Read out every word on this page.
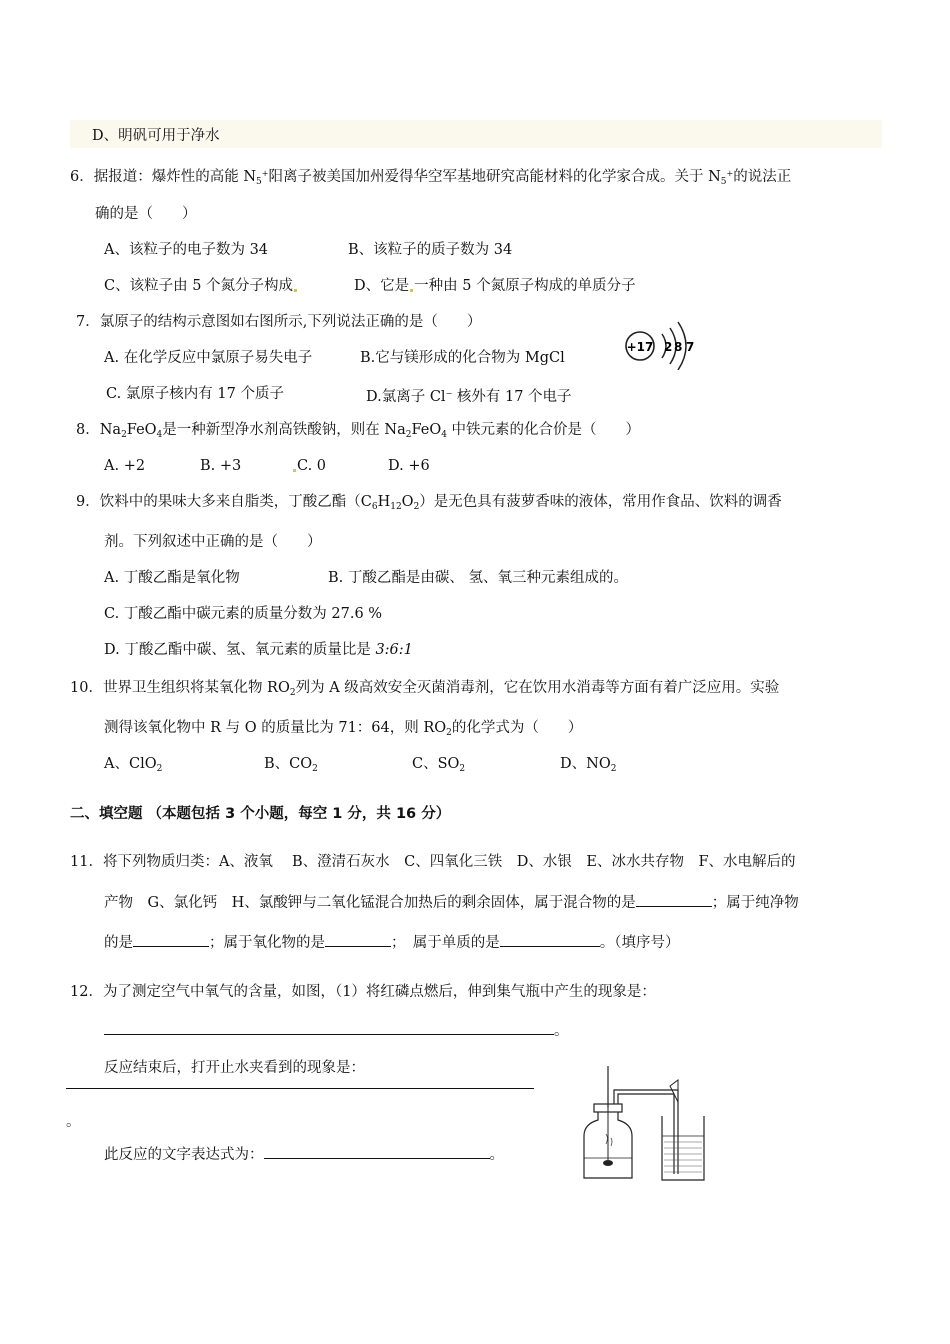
D、明矾可用于净水
6．据报道：爆炸性的高能 $N_5^+$阳离子被美国加州爱得华空军基地研究高能材料的化学家合成。关于 $N_5^+$的说法正
确的是（　　）
A、该粒子的电子数为 34	B、该粒子的质子数为 34
C、该粒子由 5 个氮分子构成	D、它是 一种由 5 个氮原子构成的单质分子
7．氯原子的结构示意图如右图所示,下列说法正确的是（　　）
A. 在化学反应中氯原子易失电子	B.它与镁形成的化合物为 MgCl
C. 氯原子核内有 17 个质子	D.氯离子 Cl− 核外有 17 个电子
+17 2 8 7
8．$Na_2FeO_4$是一种新型净水剂高铁酸钠，则在 $Na_2FeO_4$ 中铁元素的化合价是（　　）
A. +2	B. +3	C. 0	D. +6
9．饮料中的果味大多来自脂类，丁酸乙酯$(C_6H_{12}O_2)$是无色具有菠萝香味的液体，常用作食品、饮料的调香
剂。下列叙述中正确的是（　　）
A. 丁酸乙酯是氧化物	B. 丁酸乙酯是由碳、 氢、氧三种元素组成的。
C. 丁酸乙酯中碳元素的质量分数为 27.6 %
D. 丁酸乙酯中碳、氢、氧元素的质量比是 3:6:1
10．世界卫生组织将某氧化物 $RO_2$列为 A 级高效安全灭菌消毒剂，它在饮用水消毒等方面有着广泛应用。实验
测得该氧化物中 R 与 O 的质量比为 71：64，则 $RO_2$的化学式为（　　）
A、ClO$_2$	B、$CO_2$	C、$SO_2$	D、$NO_2$
二、填空题 （本题包括 3 个小题，每空 1 分，共 16 分）
11．将下列物质归类：A、液氧　 B、澄清石灰水　C、四氧化三铁　D、水银　E、冰水共存物　F、水电解后的
产物　G、氯化钙　H、氯酸钾与二氧化锰混合加热后的剩余固体，属于混合物的是	；属于纯净物
的是	；属于氧化物的是	；　属于单质的是	。（填序号）
12．为了测定空气中氧气的含量，如图，（1）将红磷点燃后，伸到集气瓶中产生的现象是：
。
反应结束后，打开止水夹看到的现象是：
。
此反应的文字表达式为：	。
